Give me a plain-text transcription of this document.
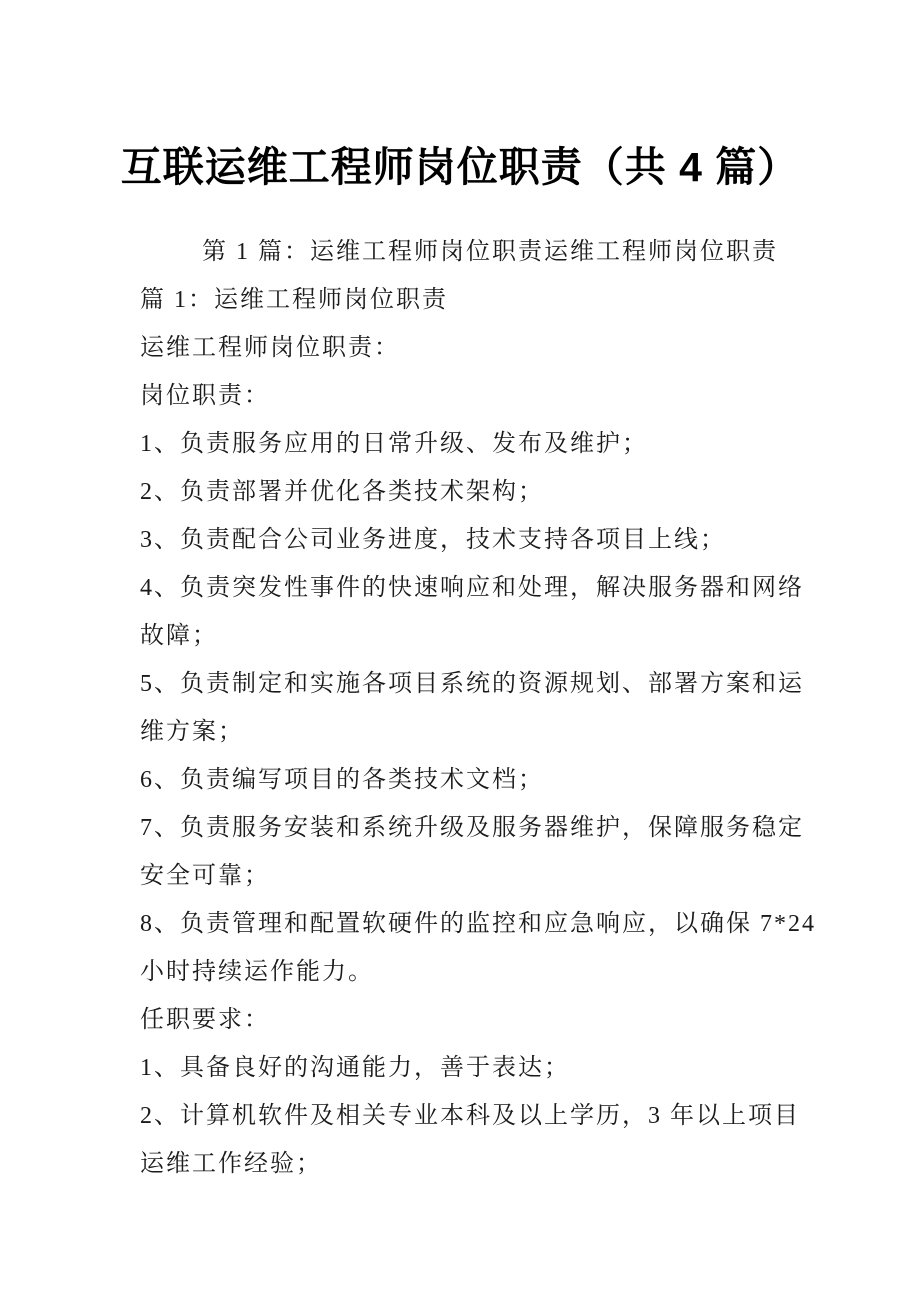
互联运维工程师岗位职责（共 4 篇）
第 1 篇：运维工程师岗位职责运维工程师岗位职责
篇 1：运维工程师岗位职责
运维工程师岗位职责：
岗位职责：
1、负责服务应用的日常升级、发布及维护；
2、负责部署并优化各类技术架构；
3、负责配合公司业务进度，技术支持各项目上线；
4、负责突发性事件的快速响应和处理，解决服务器和网络
故障；
5、负责制定和实施各项目系统的资源规划、部署方案和运
维方案；
6、负责编写项目的各类技术文档；
7、负责服务安装和系统升级及服务器维护，保障服务稳定
安全可靠；
8、负责管理和配置软硬件的监控和应急响应，以确保 7*24
小时持续运作能力。
任职要求：
1、具备良好的沟通能力，善于表达；
2、计算机软件及相关专业本科及以上学历，3 年以上项目
运维工作经验；
